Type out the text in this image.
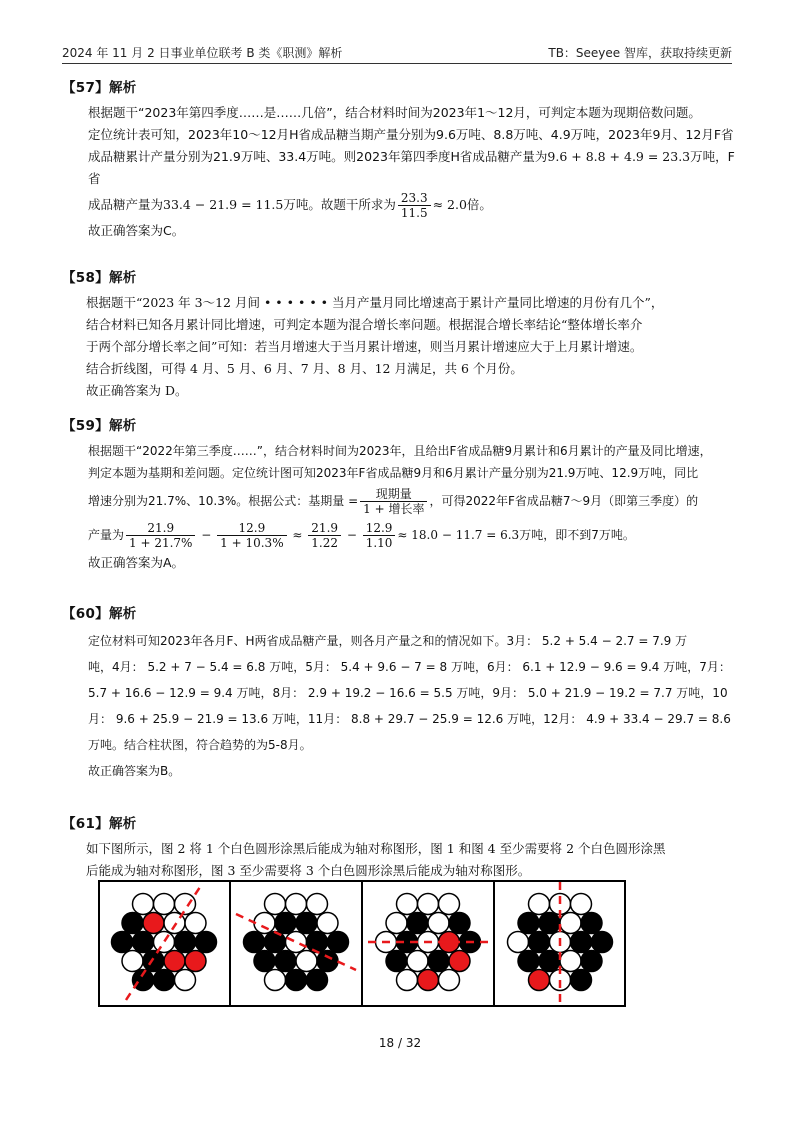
2024 年 11 月 2 日事业单位联考 B 类《职测》解析	TB：Seeyee 智库，获取持续更新
【57】解析

根据题干“2023年第四季度……是……几倍”，结合材料时间为2023年1～12月，可判定本题为现期倍数问题。

定位统计表可知，2023年10～12月H省成品糖当期产量分别为9.6万吨、8.8万吨、4.9万吨，2023年9月、12月F省成品糖累计产量分别为21.9万吨、33.4万吨。则2023年第四季度H省成品糖产量为9.6 + 8.8 + 4.9 = 23.3万吨，F省

成品糖产量为33.4 − 21.9 = 11.5万吨。故题干所求为 $\frac{23.3}{11.5} \approx 2.0$倍。

故正确答案为C。

【58】解析

根据题干“2023 年 3～12 月间 • • • • • • 当月产量月同比增速高于累计产量同比增速的月份有几个”，

结合材料已知各月累计同比增速，可判定本题为混合增长率问题。根据混合增长率结论“整体增长率介

于两个部分增长率之间”可知：若当月增速大于当月累计增速，则当月累计增速应大于上月累计增速。

结合折线图，可得 4 月、5 月、6 月、7 月、8 月、12 月满足，共 6 个月份。

故正确答案为 D。

【59】解析

根据题干“2022年第三季度……”，结合材料时间为2023年，且给出F省成品糖9月累计和6月累计的产量及同比增速，

判定本题为基期和差问题。定位统计图可知2023年F省成品糖9月和6月累计产量分别为21.9万吨、12.9万吨，同比

增速分别为21.7%、10.3%。根据公式：基期量 = $\frac{\text{现期量}}{\text{1 + 增长率}}$ ，可得2022年F省成品糖7～9月（即第三季度）的

产量为 $\frac{21.9}{1 + 21.7\%} - \frac{12.9}{1 + 10.3\%} \approx \frac{21.9}{1.22} - \frac{12.9}{1.10} \approx 18.0 - 11.7 = 6.3$万吨，即不到7万吨。

故正确答案为A。

【60】解析

定位材料可知2023年各月F、H两省成品糖产量，则各月产量之和的情况如下。3月： 5.2 + 5.4 − 2.7 = 7.9 万

吨，4月： 5.2 + 7 − 5.4 = 6.8 万吨，5月： 5.4 + 9.6 − 7 = 8 万吨，6月： 6.1 + 12.9 − 9.6 = 9.4 万吨，7月：

5.7 + 16.6 − 12.9 = 9.4 万吨，8月： 2.9 + 19.2 − 16.6 = 5.5 万吨，9月： 5.0 + 21.9 − 19.2 = 7.7 万吨，10

月： 9.6 + 25.9 − 21.9 = 13.6 万吨，11月： 8.8 + 29.7 − 25.9 = 12.6 万吨，12月： 4.9 + 33.4 − 29.7 = 8.6

万吨。结合柱状图，符合趋势的为5-8月。

故正确答案为B。

【61】解析

如下图所示，图 2 将 1 个白色圆形涂黑后能成为轴对称图形，图 1 和图 4 至少需要将 2 个白色圆形涂黑

后能成为轴对称图形，图 3 至少需要将 3 个白色圆形涂黑后能成为轴对称图形。

18 / 32
